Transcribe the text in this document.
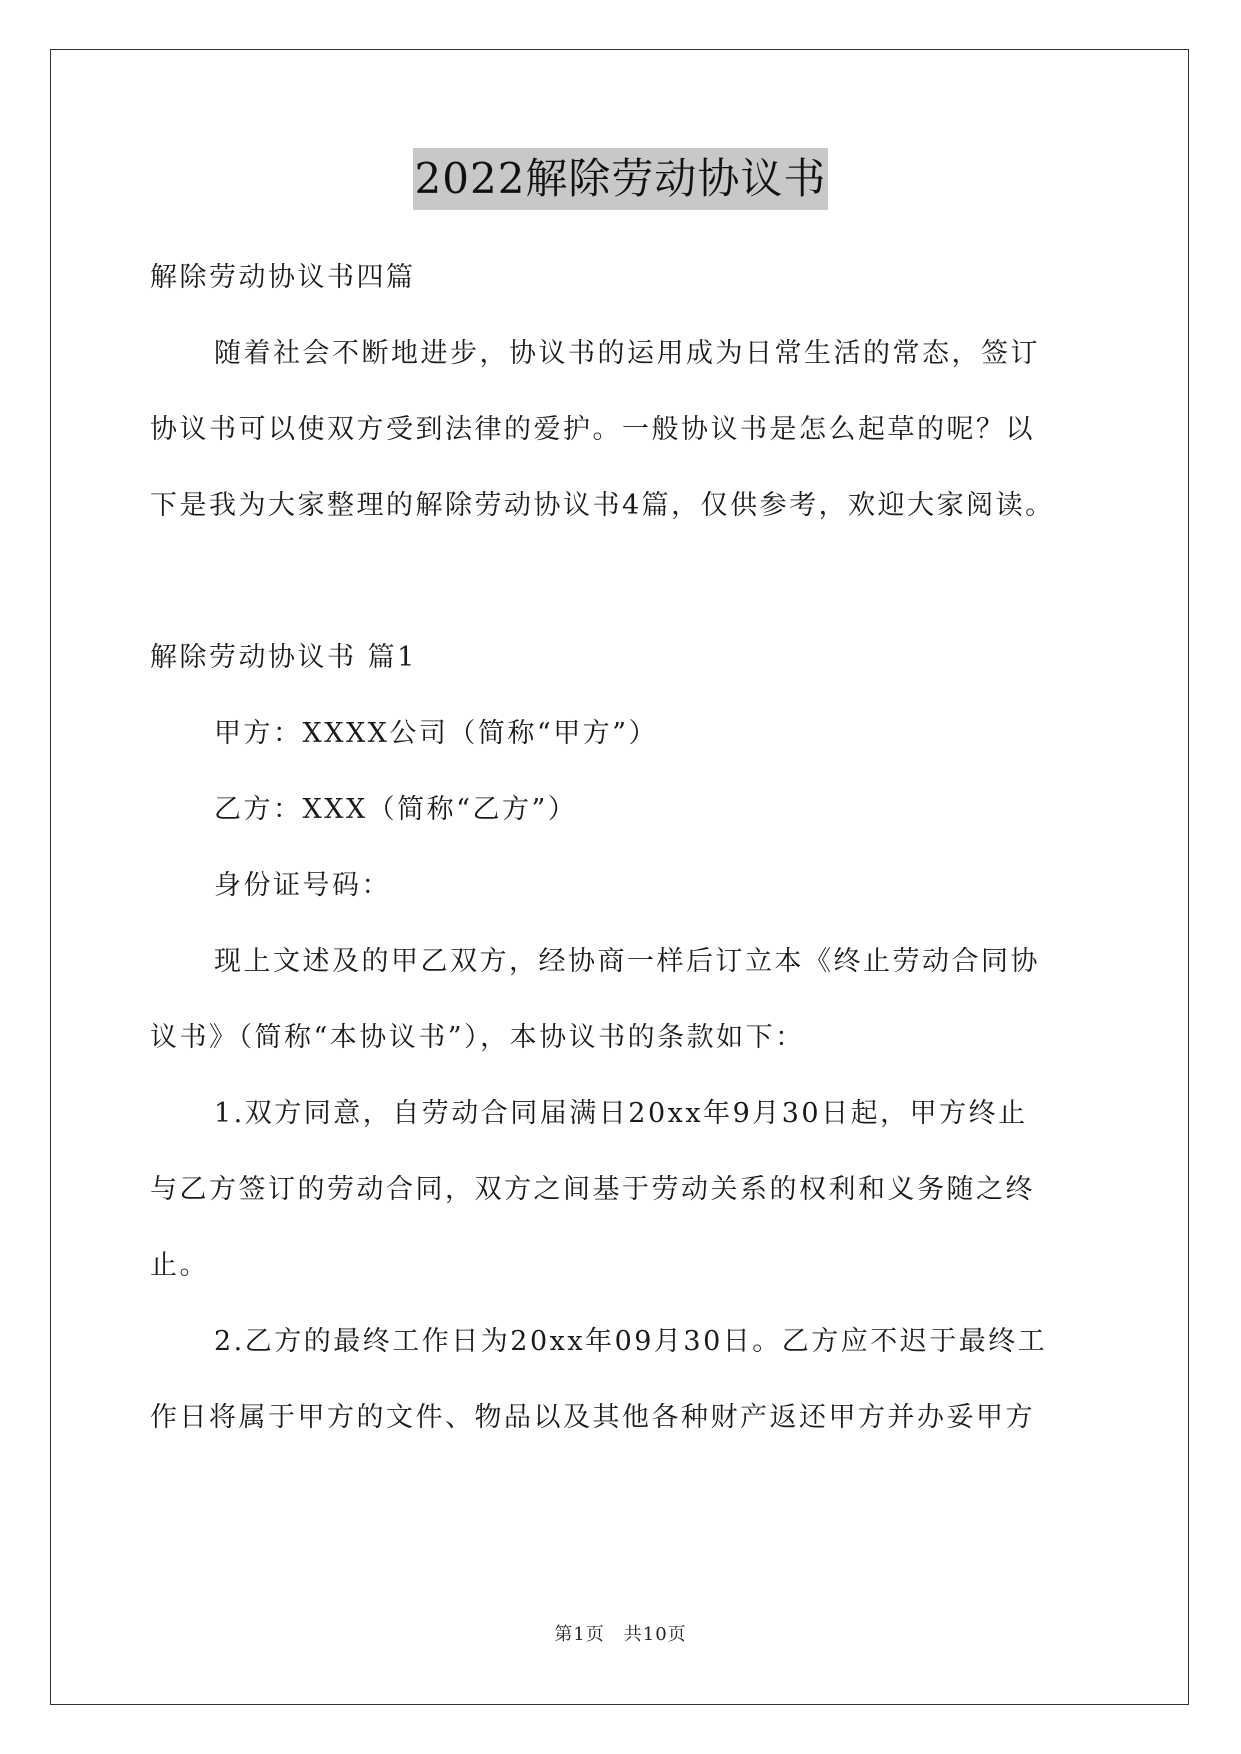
2022解除劳动协议书
解除劳动协议书四篇
随着社会不断地进步，协议书的运用成为日常生活的常态，签订
协议书可以使双方受到法律的爱护。一般协议书是怎么起草的呢？以
下是我为大家整理的解除劳动协议书4篇，仅供参考，欢迎大家阅读。
解除劳动协议书 篇1
甲方：XXXX公司（简称“甲方”）
乙方：XXX（简称“乙方”）
身份证号码：
现上文述及的甲乙双方，经协商一样后订立本《终止劳动合同协
议书》（简称“本协议书”），本协议书的条款如下：
1.双方同意，自劳动合同届满日20xx年9月30日起，甲方终止
与乙方签订的劳动合同，双方之间基于劳动关系的权利和义务随之终
止。
2.乙方的最终工作日为20xx年09月30日。乙方应不迟于最终工
作日将属于甲方的文件、物品以及其他各种财产返还甲方并办妥甲方
第1页　共10页
